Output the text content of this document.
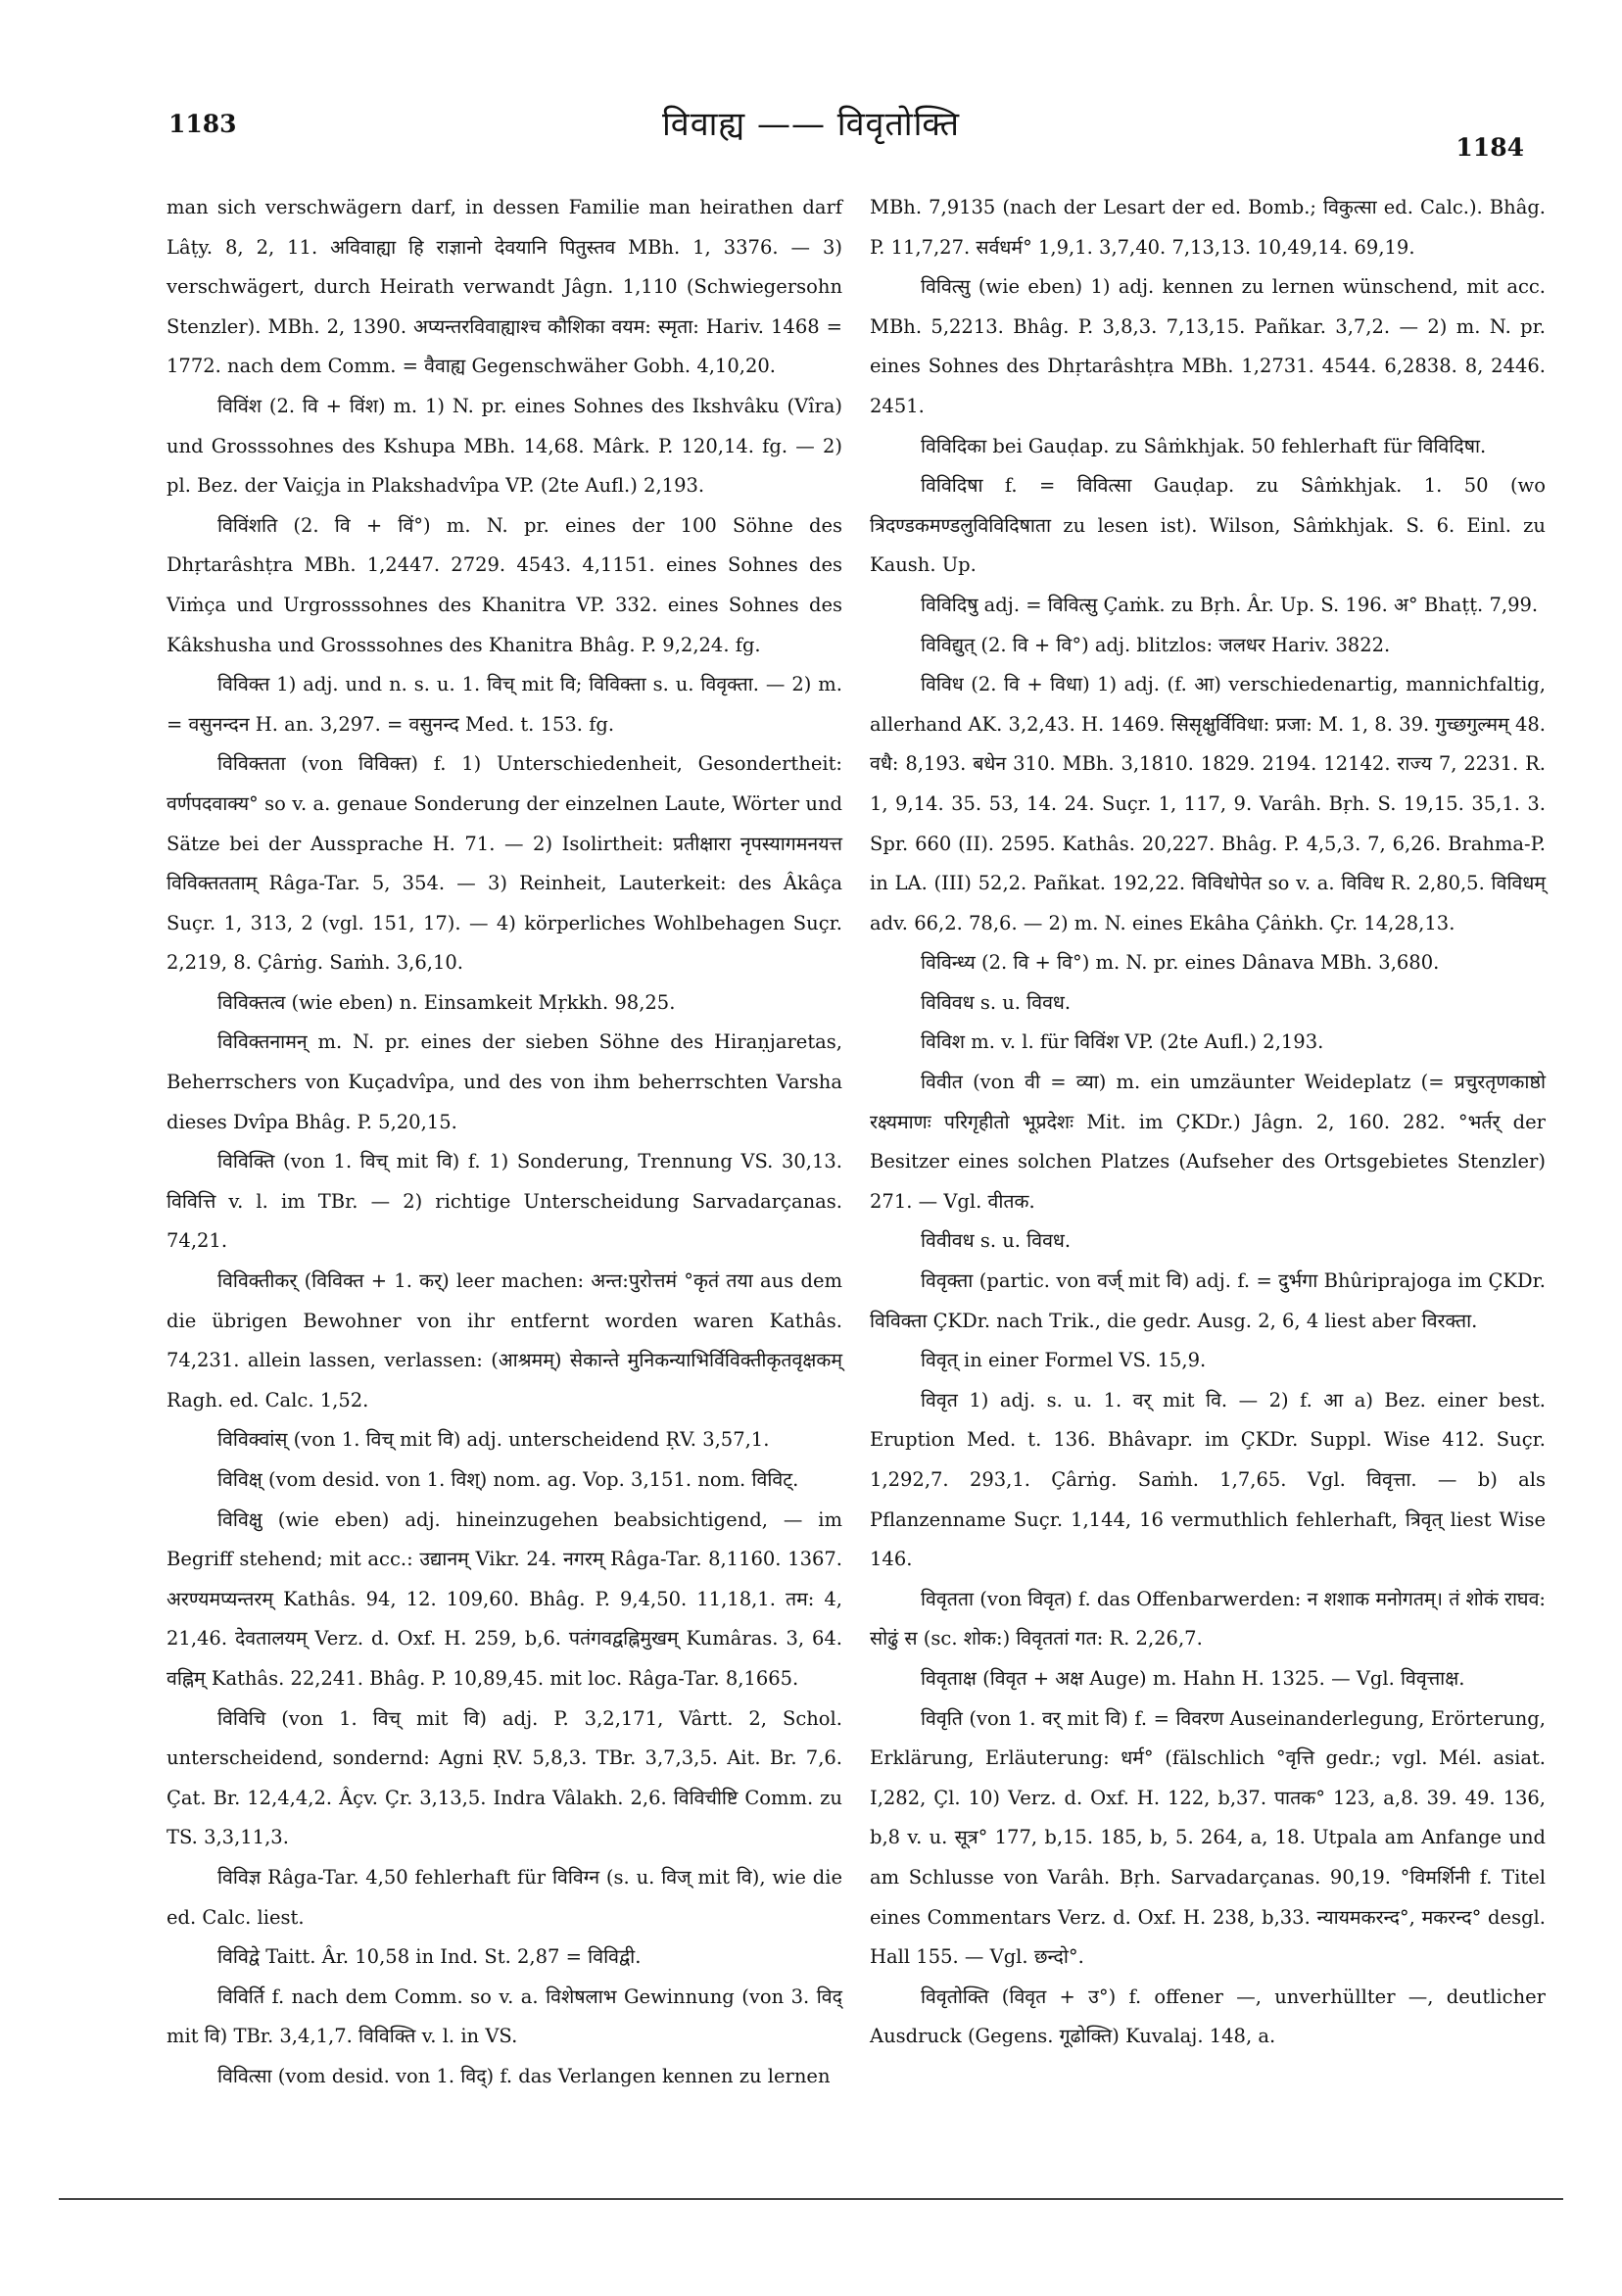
1183	विवाह्य —— विवृतोक्ति
1184

man sich verschwägern darf, in dessen Familie man heirathen darf Lâṭy. 8, 2, 11. अविवाह्या हि राज्ञानो देवयानि पितुस्तव MBh. 1, 3376. — 3) verschwägert, durch Heirath verwandt Jâgn. 1,110 (Schwiegersohn Stenzler). MBh. 2, 1390. अप्यन्तरविवाह्याश्च कौशिका वयम: स्मृता: Hariv. 1468 = 1772. nach dem Comm. = वैवाह्य Gegenschwäher Gobh. 4,10,20.

विविंश (2. वि + विंश) m. 1) N. pr. eines Sohnes des Ikshvâku (Vîra) und Grosssohnes des Kshupa MBh. 14,68. Mârk. P. 120,14. fg. — 2) pl. Bez. der Vaiçja in Plakshadvîpa VP. (2te Aufl.) 2,193.

विविंशति (2. वि + विं°) m. N. pr. eines der 100 Söhne des Dhṛtarâshṭra MBh. 1,2447. 2729. 4543. 4,1151. eines Sohnes des Viṁça und Urgrosssohnes des Khanitra VP. 332. eines Sohnes des Kâkshusha und Grosssohnes des Khanitra Bhâg. P. 9,2,24. fg.

विविक्त 1) adj. und n. s. u. 1. विच् mit वि; विविक्ता s. u. विवृक्ता. — 2) m. = वसुनन्दन H. an. 3,297. = वसुनन्द Med. t. 153. fg.

विविक्तता (von विविक्त) f. 1) Unterschiedenheit, Gesondertheit: वर्णपदवाक्य° so v. a. genaue Sonderung der einzelnen Laute, Wörter und Sätze bei der Aussprache H. 71. — 2) Isolirtheit: प्रतीक्षारा नृपस्यागमनयत्त विविक्ततताम् Râga-Tar. 5, 354. — 3) Reinheit, Lauterkeit: des Âkâça Suçr. 1, 313, 2 (vgl. 151, 17). — 4) körperliches Wohlbehagen Suçr. 2,219, 8. Çârṅg. Saṁh. 3,6,10.

विविक्तत्व (wie eben) n. Einsamkeit Mṛkkh. 98,25.

विविक्तनामन् m. N. pr. eines der sieben Söhne des Hiraṇjaretas, Beherrschers von Kuçadvîpa, und des von ihm beherrschten Varsha dieses Dvîpa Bhâg. P. 5,20,15.

विविक्ति (von 1. विच् mit वि) f. 1) Sonderung, Trennung VS. 30,13. विवित्ति v. l. im TBr. — 2) richtige Unterscheidung Sarvadarçanas. 74,21.

विविक्तीकर् (विविक्त + 1. कर्) leer machen: अन्त:पुरोत्तमं °कृतं तया aus dem die übrigen Bewohner von ihr entfernt worden waren Kathâs. 74,231. allein lassen, verlassen: (आश्रमम्) सेकान्ते मुनिकन्याभिर्विविक्तीकृतवृक्षकम् Ragh. ed. Calc. 1,52.

विविक्वांस् (von 1. विच् mit वि) adj. unterscheidend ṚV. 3,57,1.

विविक्ष् (vom desid. von 1. विश्) nom. ag. Vop. 3,151. nom. विविट्.

विविक्षु (wie eben) adj. hineinzugehen beabsichtigend, — im Begriff stehend; mit acc.: उद्यानम् Vikr. 24. नगरम् Râga-Tar. 8,1160. 1367. अरण्यमप्यन्तरम् Kathâs. 94, 12. 109,60. Bhâg. P. 9,4,50. 11,18,1. तम: 4, 21,46. देवतालयम् Verz. d. Oxf. H. 259, b,6. पतंगवद्वह्निमुखम् Kumâras. 3, 64. वह्निम् Kathâs. 22,241. Bhâg. P. 10,89,45. mit loc. Râga-Tar. 8,1665.

विविचि (von 1. विच् mit वि) adj. P. 3,2,171, Vârtt. 2, Schol. unterscheidend, sondernd: Agni ṚV. 5,8,3. TBr. 3,7,3,5. Ait. Br. 7,6. Çat. Br. 12,4,4,2. Âçv. Çr. 3,13,5. Indra Vâlakh. 2,6. विविचीष्टि Comm. zu TS. 3,3,11,3.

विविज्ञ Râga-Tar. 4,50 fehlerhaft für विविग्न (s. u. विज् mit वि), wie die ed. Calc. liest.

विविद्वे Taitt. Âr. 10,58 in Ind. St. 2,87 = विविद्वी.

विविर्ति f. nach dem Comm. so v. a. विशेषलाभ Gewinnung (von 3. विद् mit वि) TBr. 3,4,1,7. विविक्ति v. l. in VS.

विवित्सा (vom desid. von 1. विद्) f. das Verlangen kennen zu lernen

MBh. 7,9135 (nach der Lesart der ed. Bomb.; विकुत्सा ed. Calc.). Bhâg. P. 11,7,27. सर्वधर्म° 1,9,1. 3,7,40. 7,13,13. 10,49,14. 69,19.

विवित्सु (wie eben) 1) adj. kennen zu lernen wünschend, mit acc. MBh. 5,2213. Bhâg. P. 3,8,3. 7,13,15. Pañkar. 3,7,2. — 2) m. N. pr. eines Sohnes des Dhṛtarâshṭra MBh. 1,2731. 4544. 6,2838. 8, 2446. 2451.

विविदिका bei Gauḍap. zu Sâṁkhjak. 50 fehlerhaft für विविदिषा.

विविदिषा f. = विवित्सा Gauḍap. zu Sâṁkhjak. 1. 50 (wo त्रिदण्डकमण्डलुविविदिषाता zu lesen ist). Wilson, Sâṁkhjak. S. 6. Einl. zu Kaush. Up.

विविदिषु adj. = विवित्सु Çaṁk. zu Bṛh. Âr. Up. S. 196. अ° Bhaṭṭ. 7,99.

विविद्युत् (2. वि + वि°) adj. blitzlos: जलधर Hariv. 3822.

विविध (2. वि + विधा) 1) adj. (f. आ) verschiedenartig, mannichfaltig, allerhand AK. 3,2,43. H. 1469. सिसृक्षुर्विविधा: प्रजा: M. 1, 8. 39. गुच्छगुल्मम् 48. वधै: 8,193. बधेन 310. MBh. 3,1810. 1829. 2194. 12142. राज्य 7, 2231. R. 1, 9,14. 35. 53, 14. 24. Suçr. 1, 117, 9. Varâh. Bṛh. S. 19,15. 35,1. 3. Spr. 660 (II). 2595. Kathâs. 20,227. Bhâg. P. 4,5,3. 7, 6,26. Brahma-P. in LA. (III) 52,2. Pañkat. 192,22. विविधोपेत so v. a. विविध R. 2,80,5. विविधम् adv. 66,2. 78,6. — 2) m. N. eines Ekâha Çâṅkh. Çr. 14,28,13.

विविन्ध्य (2. वि + वि°) m. N. pr. eines Dânava MBh. 3,680.

विविवध s. u. विवध.

विविश m. v. l. für विविंश VP. (2te Aufl.) 2,193.

विवीत (von वी = व्या) m. ein umzäunter Weideplatz (= प्रचुरतृणकाष्ठो रक्ष्यमाणः परिगृहीतो भूप्रदेशः Mit. im ÇKDr.) Jâgn. 2, 160. 282. °भर्तर् der Besitzer eines solchen Platzes (Aufseher des Ortsgebietes Stenzler) 271. — Vgl. वीतक.

विवीवध s. u. विवध.

विवृक्ता (partic. von वर्ज् mit वि) adj. f. = दुर्भगा Bhûriprajoga im ÇKDr. विविक्ता ÇKDr. nach Trik., die gedr. Ausg. 2, 6, 4 liest aber विरक्ता.

विवृत् in einer Formel VS. 15,9.

विवृत 1) adj. s. u. 1. वर् mit वि. — 2) f. आ a) Bez. einer best. Eruption Med. t. 136. Bhâvapr. im ÇKDr. Suppl. Wise 412. Suçr. 1,292,7. 293,1. Çârṅg. Saṁh. 1,7,65. Vgl. विवृत्ता. — b) als Pflanzenname Suçr. 1,144, 16 vermuthlich fehlerhaft, त्रिवृत् liest Wise 146.

विवृतता (von विवृत) f. das Offenbarwerden: न शशाक मनोगतम्। तं शोकं राघव: सोढुं स (sc. शोक:) विवृततां गत: R. 2,26,7.

विवृताक्ष (विवृत + अक्ष Auge) m. Hahn H. 1325. — Vgl. विवृत्ताक्ष.

विवृति (von 1. वर् mit वि) f. = विवरण Auseinanderlegung, Erörterung, Erklärung, Erläuterung: धर्म° (fälschlich °वृत्ति gedr.; vgl. Mél. asiat. I,282, Çl. 10) Verz. d. Oxf. H. 122, b,37. पातक° 123, a,8. 39. 49. 136, b,8 v. u. सूत्र° 177, b,15. 185, b, 5. 264, a, 18. Utpala am Anfange und am Schlusse von Varâh. Bṛh. Sarvadarçanas. 90,19. °विमर्शिनी f. Titel eines Commentars Verz. d. Oxf. H. 238, b,33. न्यायमकरन्द°, मकरन्द° desgl. Hall 155. — Vgl. छन्दो°.

विवृतोक्ति (विवृत + उ°) f. offener —, unverhüllter —, deutlicher Ausdruck (Gegens. गूढोक्ति) Kuvalaj. 148, a.
